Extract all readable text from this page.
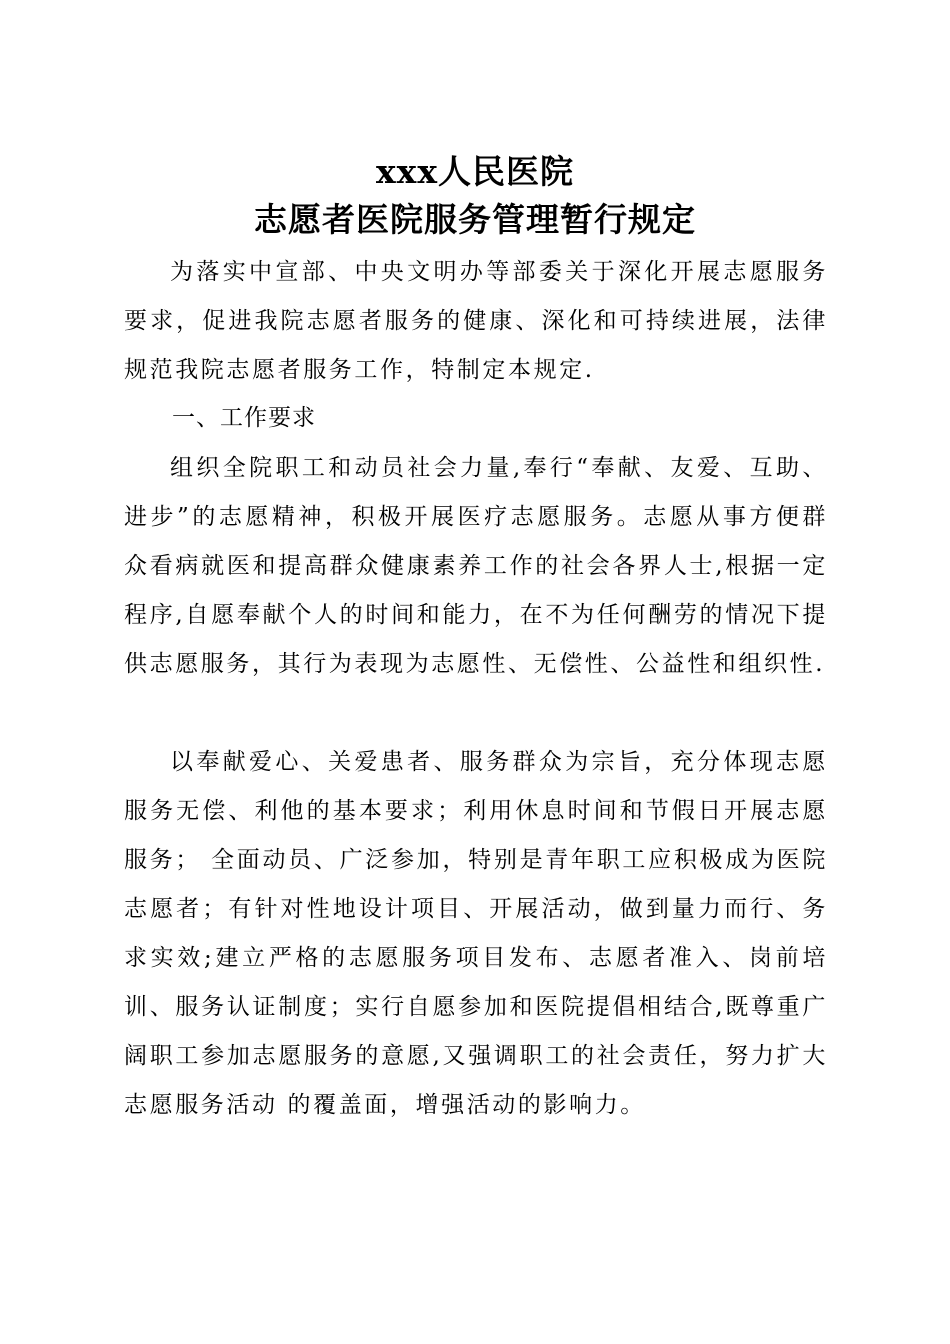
xxx人民医院
志愿者医院服务管理暂行规定

为落实中宣部、中央文明办等部委关于深化开展志愿服务要求，促进我院志愿者服务的健康、深化和可持续进展，法律规范我院志愿者服务工作，特制定本规定.

一、工作要求

组织全院职工和动员社会力量,奉行“奉献、友爱、互助、进步”的志愿精神，积极开展医疗志愿服务。志愿从事方便群众看病就医和提高群众健康素养工作的社会各界人士,根据一定程序,自愿奉献个人的时间和能力，在不为任何酬劳的情况下提供志愿服务，其行为表现为志愿性、无偿性、公益性和组织性.

以奉献爱心、关爱患者、服务群众为宗旨，充分体现志愿服务无偿、利他的基本要求；利用休息时间和节假日开展志愿服务； 全面动员、广泛参加，特别是青年职工应积极成为医院志愿者；有针对性地设计项目、开展活动，做到量力而行、务求实效;建立严格的志愿服务项目发布、志愿者准入、岗前培训、服务认证制度；实行自愿参加和医院提倡相结合,既尊重广阔职工参加志愿服务的意愿,又强调职工的社会责任，努力扩大志愿服务活动 的覆盖面，增强活动的影响力。
